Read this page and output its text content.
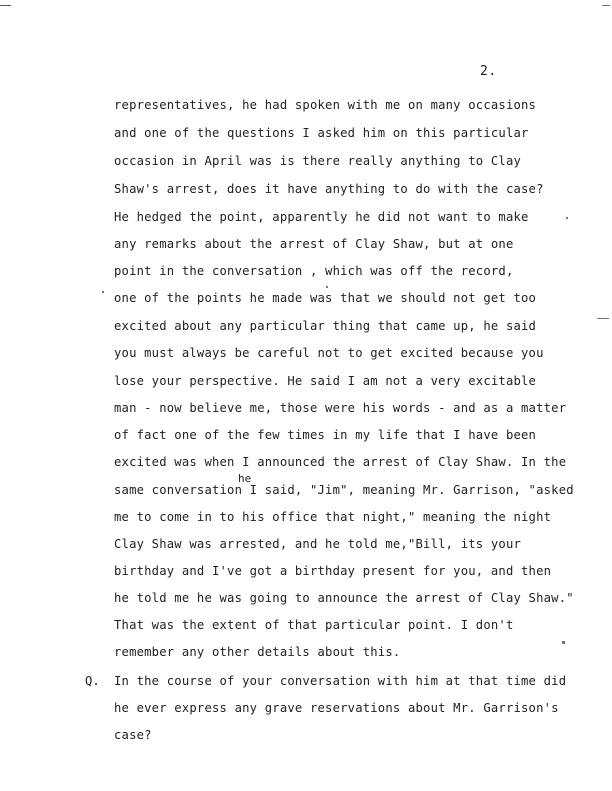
2.
representatives, he had spoken with me on many occasions
and one of the questions I asked him on this particular
occasion in April was is there really anything to Clay
Shaw's arrest, does it have anything to do with the case?
He hedged the point, apparently he did not want to make
any remarks about the arrest of Clay Shaw, but at one
point in the conversation , which was off the record,
one of the points he made was that we should not get too
excited about any particular thing that came up, he said
you must always be careful not to get excited because you
lose your perspective. He said I am not a very excitable
man - now believe me, those were his words - and as a matter
of fact one of the few times in my life that I have been
excited was when I announced the arrest of Clay Shaw. In the
he
same conversation I said, "Jim", meaning Mr. Garrison, "asked
me to come in to his office that night," meaning the night
Clay Shaw was arrested, and he told me,"Bill, its your
birthday and I've got a birthday present for you, and then
he told me he was going to announce the arrest of Clay Shaw."
That was the extent of that particular point. I don't
remember any other details about this.
Q. In the course of your conversation with him at that time did
he ever express any grave reservations about Mr. Garrison's
case?
